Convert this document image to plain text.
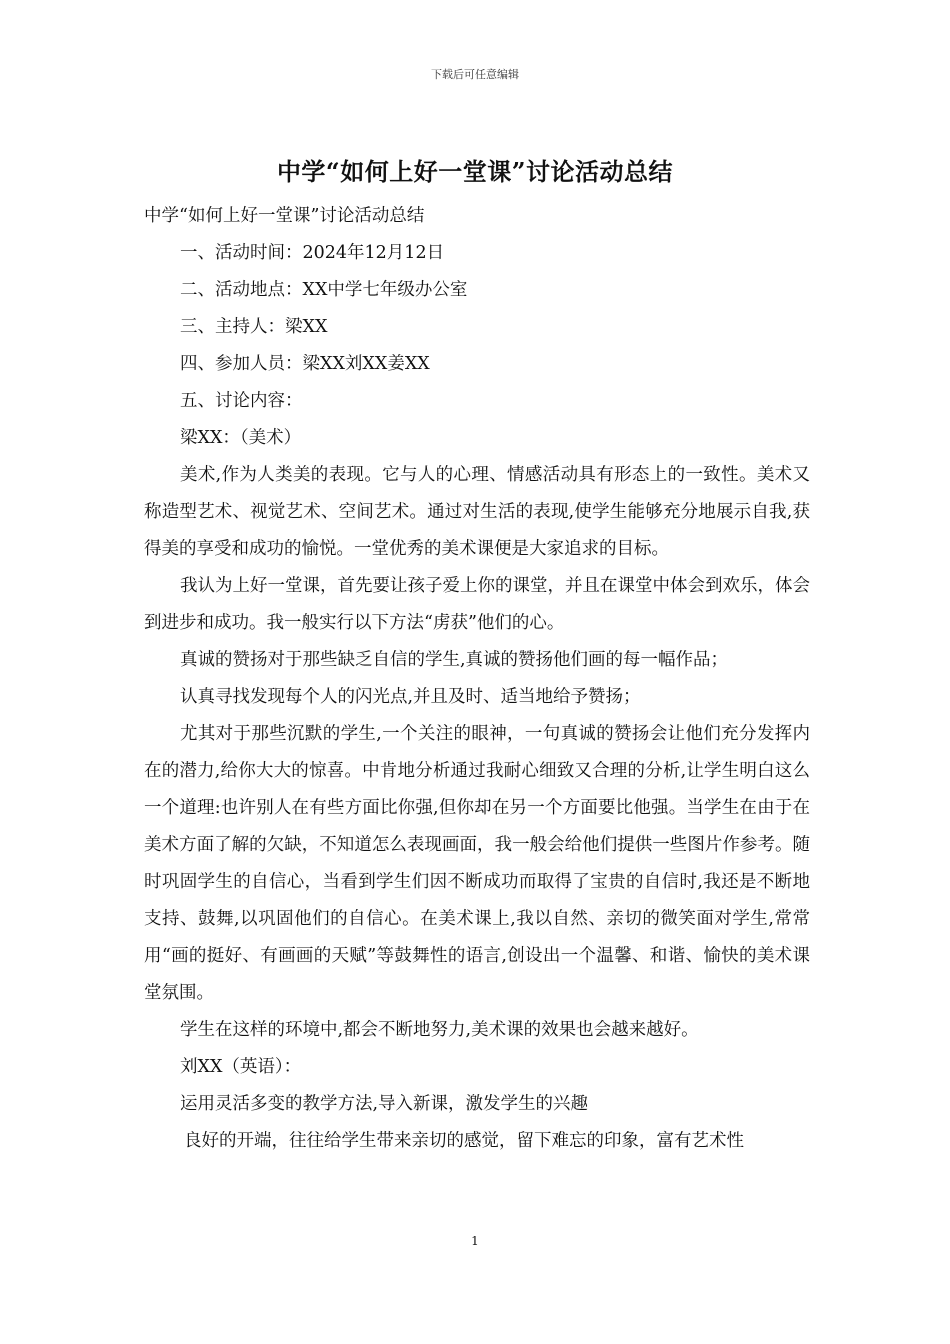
下载后可任意编辑
中学“如何上好一堂课”讨论活动总结

中学“如何上好一堂课”讨论活动总结

一、活动时间：2024年12月12日

二、活动地点：XX中学七年级办公室

三、主持人：梁XX

四、参加人员：梁XX刘XX姜XX

五、讨论内容：

梁XX：（美术）

美术,作为人类美的表现。它与人的心理、情感活动具有形态上的一致性。美术又称造型艺术、视觉艺术、空间艺术。通过对生活的表现,使学生能够充分地展示自我,获得美的享受和成功的愉悦。一堂优秀的美术课便是大家追求的目标。

我认为上好一堂课，首先要让孩子爱上你的课堂，并且在课堂中体会到欢乐，体会到进步和成功。我一般实行以下方法“虏获”他们的心。

真诚的赞扬对于那些缺乏自信的学生,真诚的赞扬他们画的每一幅作品；

认真寻找发现每个人的闪光点,并且及时、适当地给予赞扬；

尤其对于那些沉默的学生,一个关注的眼神，一句真诚的赞扬会让他们充分发挥内在的潜力,给你大大的惊喜。中肯地分析通过我耐心细致又合理的分析,让学生明白这么一个道理:也许别人在有些方面比你强,但你却在另一个方面要比他强。当学生在由于在美术方面了解的欠缺，不知道怎么表现画面，我一般会给他们提供一些图片作参考。随时巩固学生的自信心，当看到学生们因不断成功而取得了宝贵的自信时,我还是不断地支持、鼓舞,以巩固他们的自信心。在美术课上,我以自然、亲切的微笑面对学生,常常用“画的挺好、有画画的天赋”等鼓舞性的语言,创设出一个温馨、和谐、愉快的美术课堂氛围。

学生在这样的环境中,都会不断地努力,美术课的效果也会越来越好。

刘XX（英语）：

运用灵活多变的教学方法,导入新课，激发学生的兴趣

良好的开端，往往给学生带来亲切的感觉，留下难忘的印象，富有艺术性

1
